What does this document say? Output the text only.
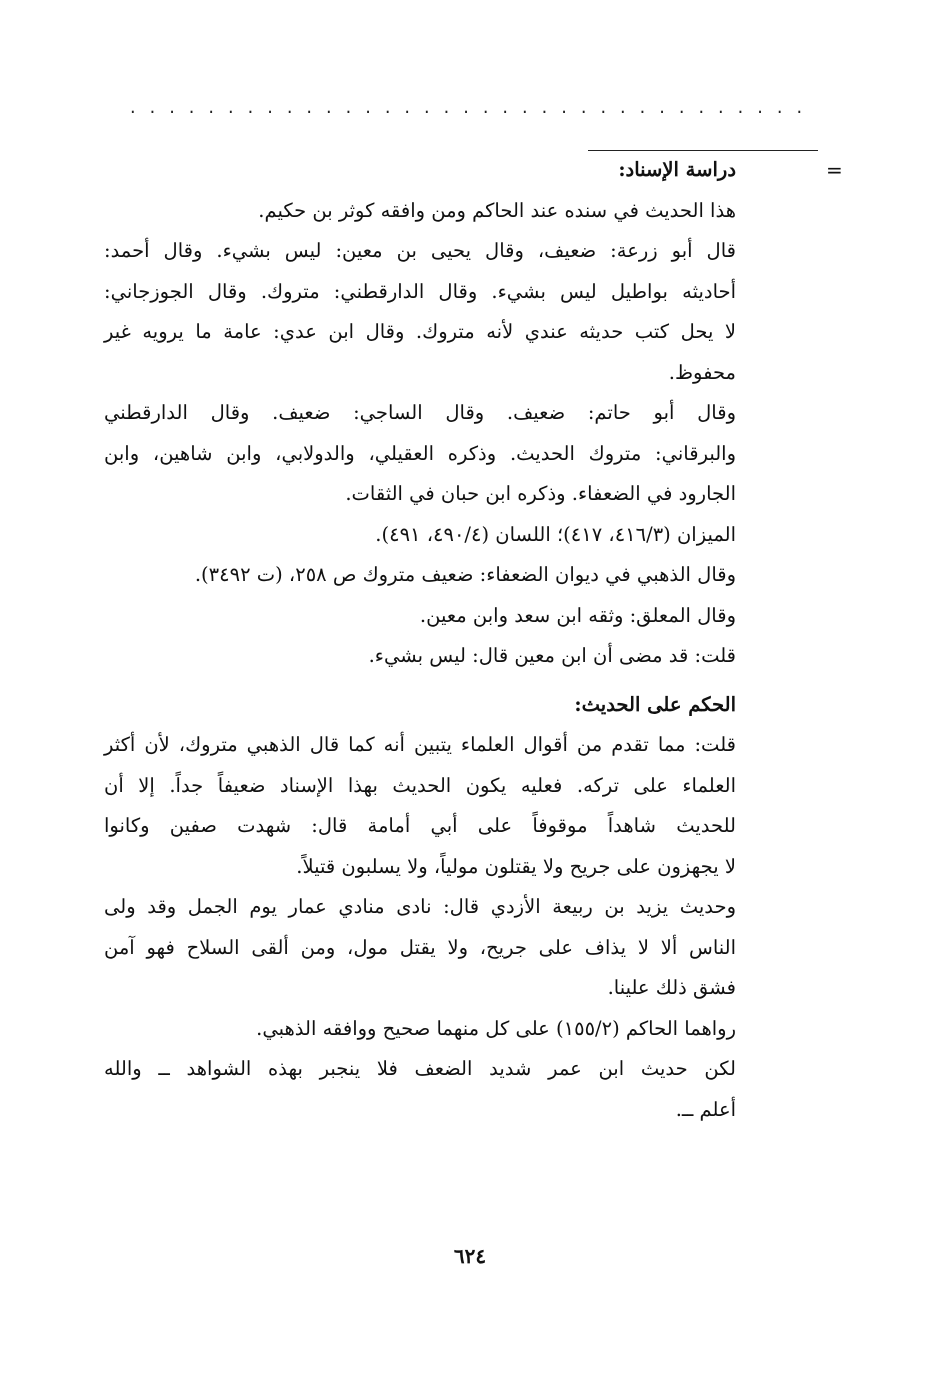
...................................
=
دراسة الإسناد:
هذا الحديث في سنده عند الحاكم ومن وافقه كوثر بن حكيم.
قال أبو زرعة: ضعيف، وقال يحيى بن معين: ليس بشيء. وقال أحمد:
أحاديثه بواطيل ليس بشيء. وقال الدارقطني: متروك. وقال الجوزجاني:
لا يحل كتب حديثه عندي لأنه متروك. وقال ابن عدي: عامة ما يرويه غير
محفوظ.
وقال أبو حاتم: ضعيف. وقال الساجي: ضعيف. وقال الدارقطني
والبرقاني: متروك الحديث. وذكره العقيلي، والدولابي، وابن شاهين، وابن
الجارود في الضعفاء. وذكره ابن حبان في الثقات.
الميزان (٤١٦/٣، ٤١٧)؛ اللسان (٤٩٠/٤، ٤٩١).
وقال الذهبي في ديوان الضعفاء: ضعيف متروك ص ٢٥٨، (ت ٣٤٩٢).
وقال المعلق: وثقه ابن سعد وابن معين.
قلت: قد مضى أن ابن معين قال: ليس بشيء.
الحكم على الحديث:
قلت: مما تقدم من أقوال العلماء يتبين أنه كما قال الذهبي متروك، لأن أكثر
العلماء على تركه. فعليه يكون الحديث بهذا الإسناد ضعيفاً جداً. إلا أن
للحديث شاهداً موقوفاً على أبي أمامة قال: شهدت صفين وكانوا
لا يجهزون على جريح ولا يقتلون مولياً، ولا يسلبون قتيلاً.
وحديث يزيد بن ربيعة الأزدي قال: نادى منادي عمار يوم الجمل وقد ولى
الناس ألا لا يذاف على جريح، ولا يقتل مول، ومن ألقى السلاح فهو آمن
فشق ذلك علينا.
رواهما الحاكم (١٥٥/٢) على كل منهما صحيح ووافقه الذهبي.
لكن حديث ابن عمر شديد الضعف فلا ينجبر بهذه الشواهد ــ والله
أعلم ــ.
٦٢٤
